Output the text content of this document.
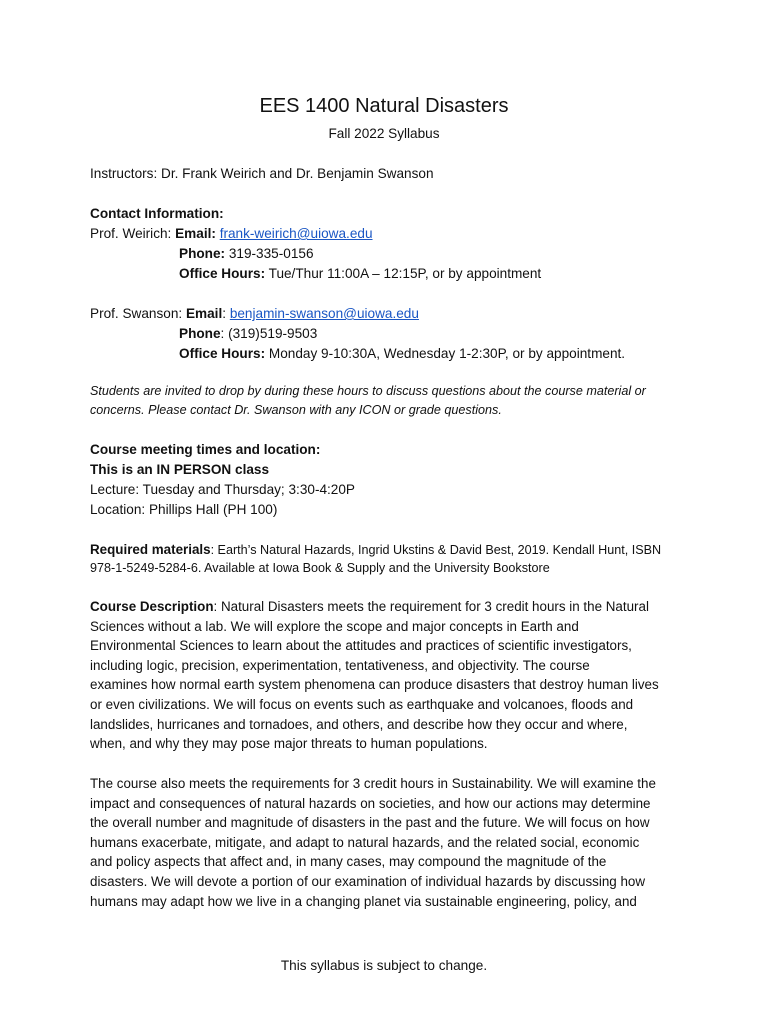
EES 1400 Natural Disasters
Fall 2022 Syllabus
Instructors: Dr. Frank Weirich and Dr. Benjamin Swanson
Contact Information:
Prof. Weirich: Email: frank-weirich@uiowa.edu
Phone: 319-335-0156
Office Hours: Tue/Thur 11:00A – 12:15P, or by appointment
Prof. Swanson: Email: benjamin-swanson@uiowa.edu
Phone: (319)519-9503
Office Hours: Monday 9-10:30A, Wednesday 1-2:30P, or by appointment.
Students are invited to drop by during these hours to discuss questions about the course material or
concerns. Please contact Dr. Swanson with any ICON or grade questions.
Course meeting times and location:
This is an IN PERSON class
Lecture: Tuesday and Thursday; 3:30-4:20P
Location: Phillips Hall (PH 100)
Required materials: Earth’s Natural Hazards, Ingrid Ukstins & David Best, 2019. Kendall Hunt, ISBN
978-1-5249-5284-6. Available at Iowa Book & Supply and the University Bookstore
Course Description: Natural Disasters meets the requirement for 3 credit hours in the Natural
Sciences without a lab. We will explore the scope and major concepts in Earth and
Environmental Sciences to learn about the attitudes and practices of scientific investigators,
including logic, precision, experimentation, tentativeness, and objectivity. The course
examines how normal earth system phenomena can produce disasters that destroy human lives
or even civilizations. We will focus on events such as earthquake and volcanoes, floods and
landslides, hurricanes and tornadoes, and others, and describe how they occur and where,
when, and why they may pose major threats to human populations.
The course also meets the requirements for 3 credit hours in Sustainability. We will examine the
impact and consequences of natural hazards on societies, and how our actions may determine
the overall number and magnitude of disasters in the past and the future. We will focus on how
humans exacerbate, mitigate, and adapt to natural hazards, and the related social, economic
and policy aspects that affect and, in many cases, may compound the magnitude of the
disasters. We will devote a portion of our examination of individual hazards by discussing how
humans may adapt how we live in a changing planet via sustainable engineering, policy, and
This syllabus is subject to change.
